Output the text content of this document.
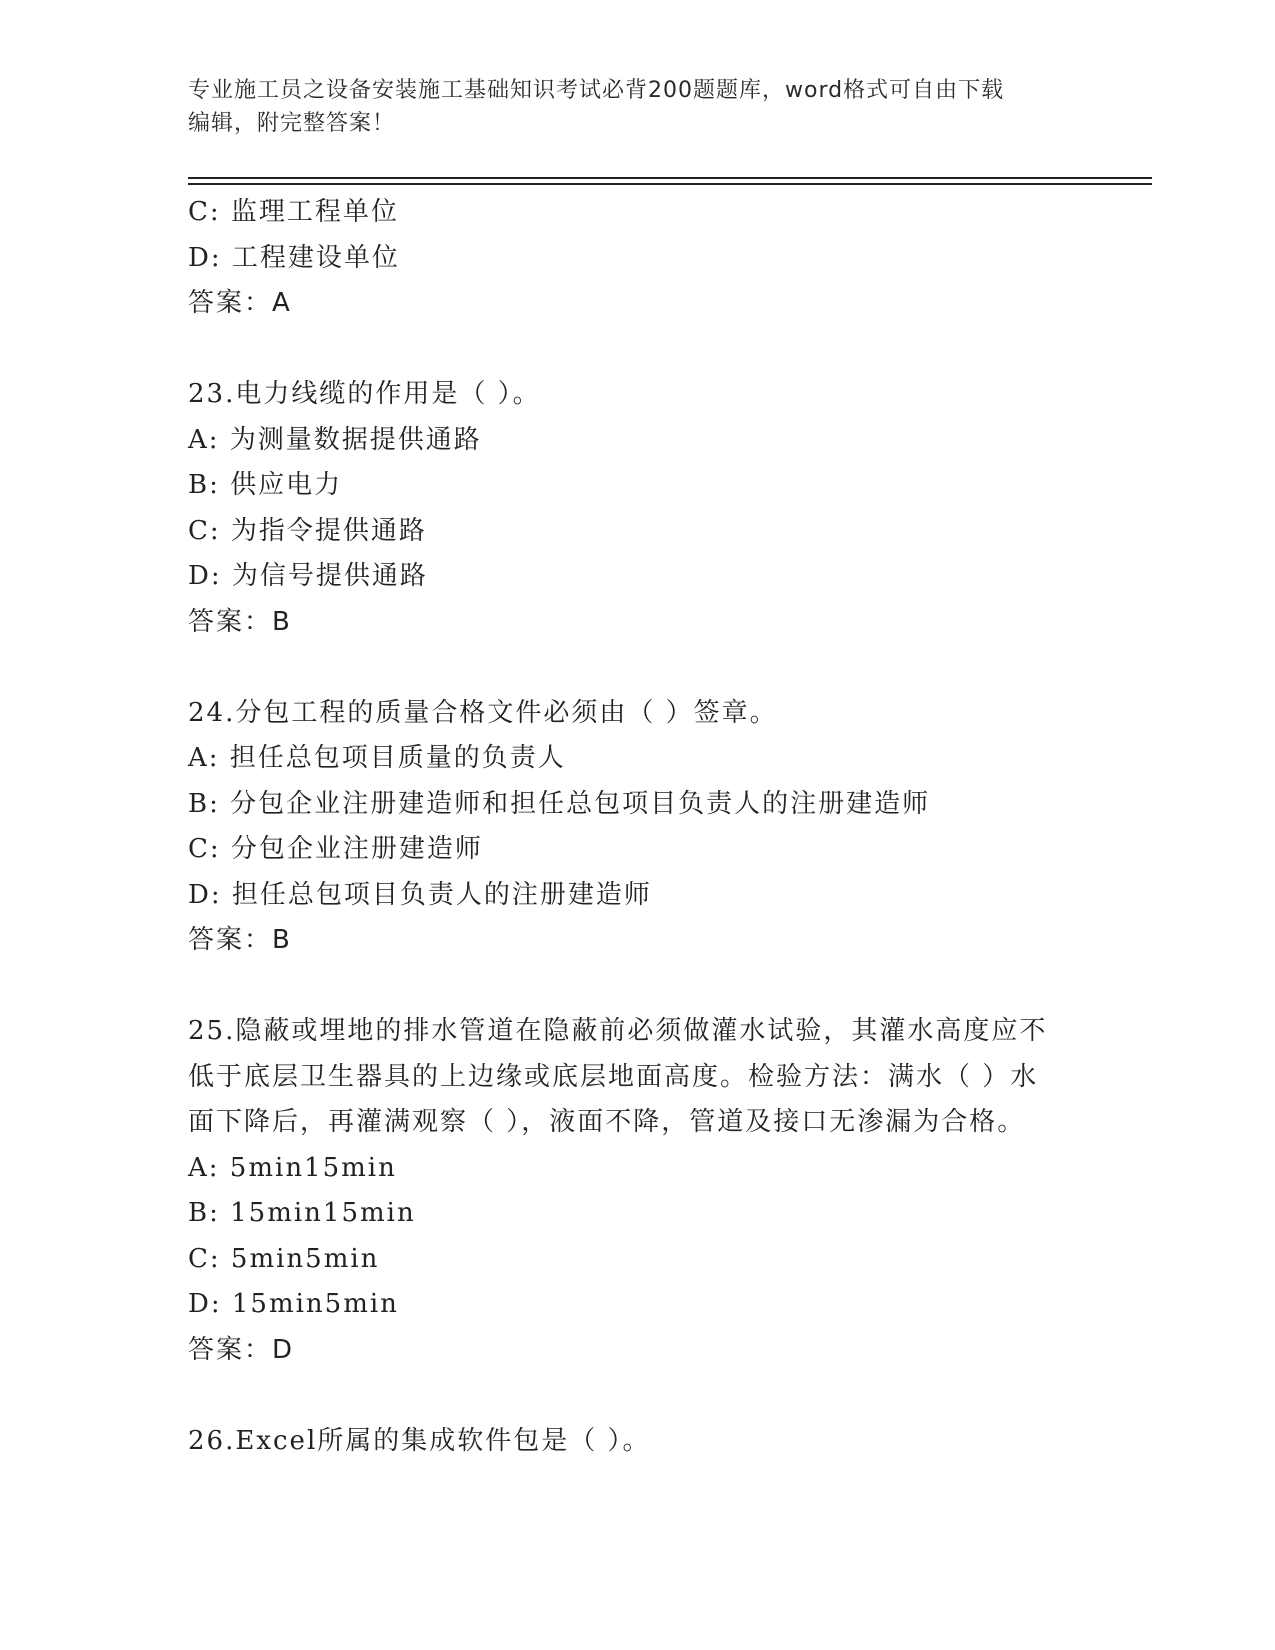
专业施工员之设备安装施工基础知识考试必背200题题库，word格式可自由下载
编辑，附完整答案！
C: 监理工程单位
D: 工程建设单位
答案：A
23.电力线缆的作用是（ ）。
A: 为测量数据提供通路
B: 供应电力
C: 为指令提供通路
D: 为信号提供通路
答案：B
24.分包工程的质量合格文件必须由（ ）签章。
A: 担任总包项目质量的负责人
B: 分包企业注册建造师和担任总包项目负责人的注册建造师
C: 分包企业注册建造师
D: 担任总包项目负责人的注册建造师
答案：B
25.隐蔽或埋地的排水管道在隐蔽前必须做灌水试验，其灌水高度应不
低于底层卫生器具的上边缘或底层地面高度。检验方法：满水（ ）水
面下降后，再灌满观察（ ），液面不降，管道及接口无渗漏为合格。
A: 5min15min
B: 15min15min
C: 5min5min
D: 15min5min
答案：D
26.Excel所属的集成软件包是（ ）。
